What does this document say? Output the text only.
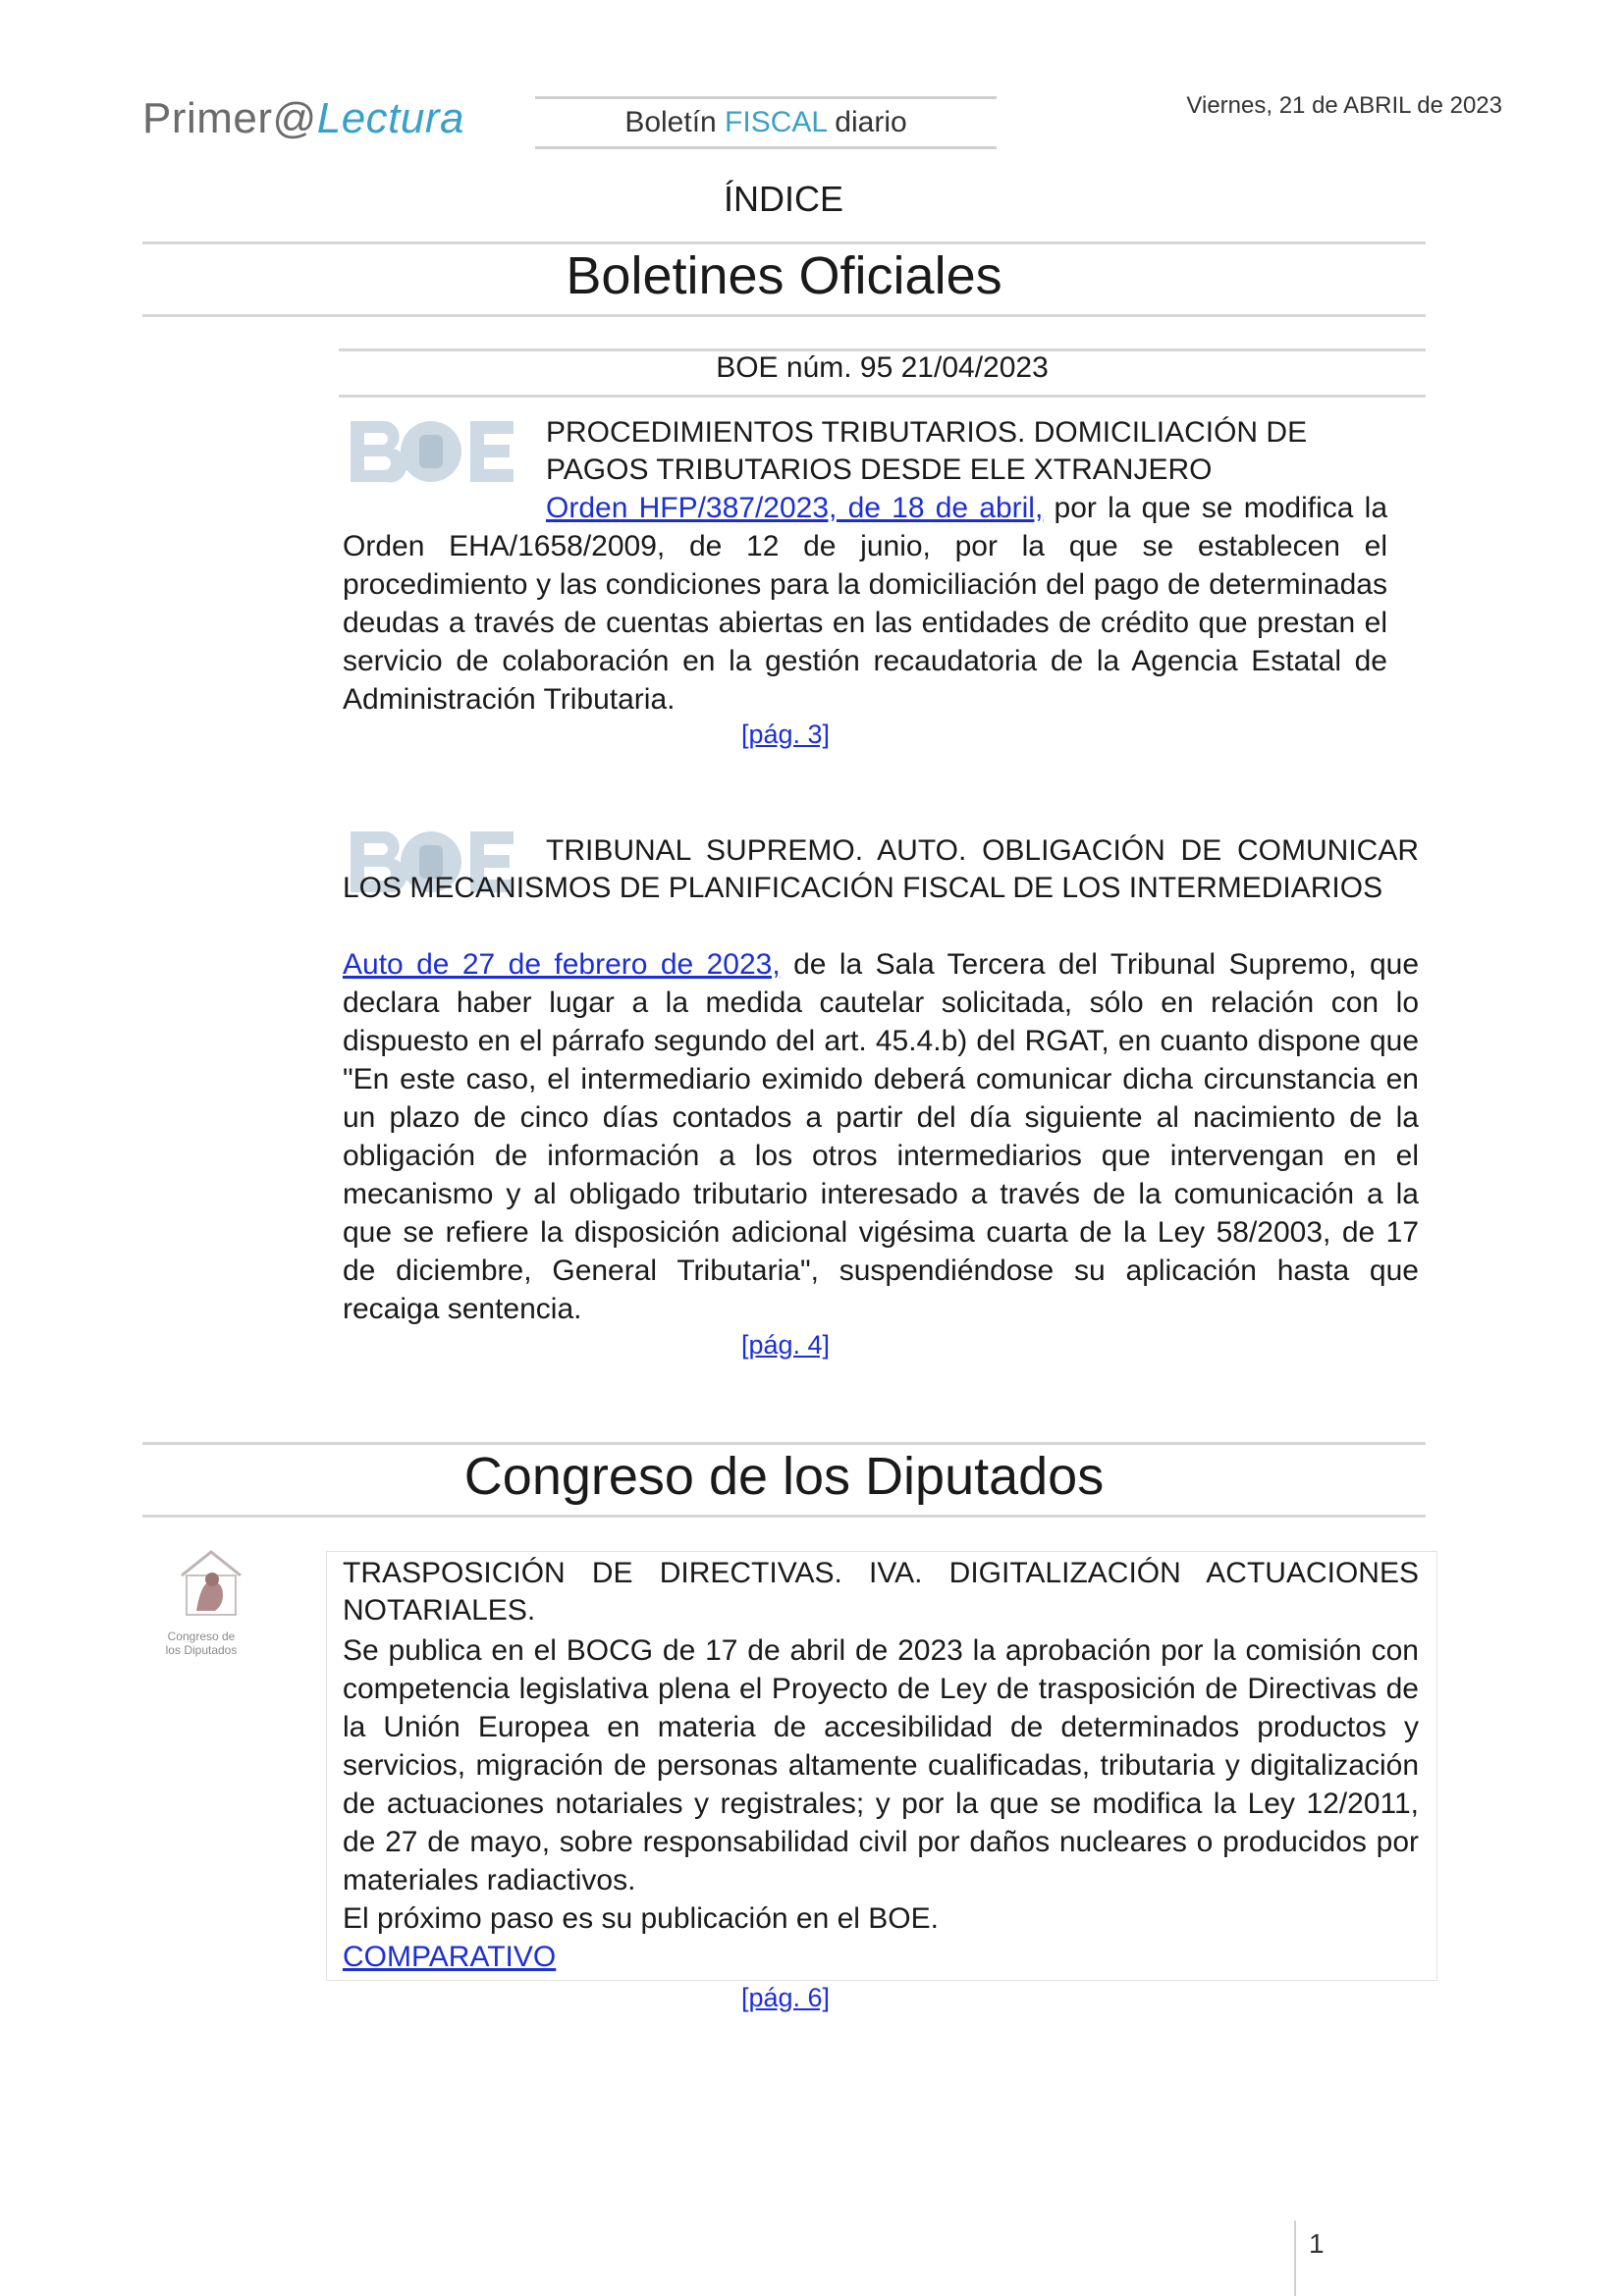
Primer@Lectura	Boletín FISCAL diario
Viernes, 21 de ABRIL de 2023
ÍNDICE
Boletines Oficiales
BOE núm. 95 21/04/2023
PROCEDIMIENTOS TRIBUTARIOS. DOMICILIACIÓN DE PAGOS TRIBUTARIOS DESDE ELE XTRANJERO
Orden HFP/387/2023, de 18 de abril, por la que se modifica la Orden EHA/1658/2009, de 12 de junio, por la que se establecen el procedimiento y las condiciones para la domiciliación del pago de determinadas deudas a través de cuentas abiertas en las entidades de crédito que prestan el servicio de colaboración en la gestión recaudatoria de la Agencia Estatal de Administración Tributaria.
[pág. 3]
TRIBUNAL SUPREMO. AUTO. OBLIGACIÓN DE COMUNICAR LOS MECANISMOS DE PLANIFICACIÓN FISCAL DE LOS INTERMEDIARIOS
Auto de 27 de febrero de 2023, de la Sala Tercera del Tribunal Supremo, que declara haber lugar a la medida cautelar solicitada, sólo en relación con lo dispuesto en el párrafo segundo del art. 45.4.b) del RGAT, en cuanto dispone que "En este caso, el intermediario eximido deberá comunicar dicha circunstancia en un plazo de cinco días contados a partir del día siguiente al nacimiento de la obligación de información a los otros intermediarios que intervengan en el mecanismo y al obligado tributario interesado a través de la comunicación a la que se refiere la disposición adicional vigésima cuarta de la Ley 58/2003, de 17 de diciembre, General Tributaria", suspendiéndose su aplicación hasta que recaiga sentencia.
[pág. 4]
Congreso de los Diputados
Congreso de
los Diputados
TRASPOSICIÓN DE DIRECTIVAS. IVA. DIGITALIZACIÓN ACTUACIONES NOTARIALES.
Se publica en el BOCG de 17 de abril de 2023 la aprobación por la comisión con competencia legislativa plena el Proyecto de Ley de trasposición de Directivas de la Unión Europea en materia de accesibilidad de determinados productos y servicios, migración de personas altamente cualificadas, tributaria y digitalización de actuaciones notariales y registrales; y por la que se modifica la Ley 12/2011, de 27 de mayo, sobre responsabilidad civil por daños nucleares o producidos por materiales radiactivos.
El próximo paso es su publicación en el BOE.
COMPARATIVO
[pág. 6]
1
